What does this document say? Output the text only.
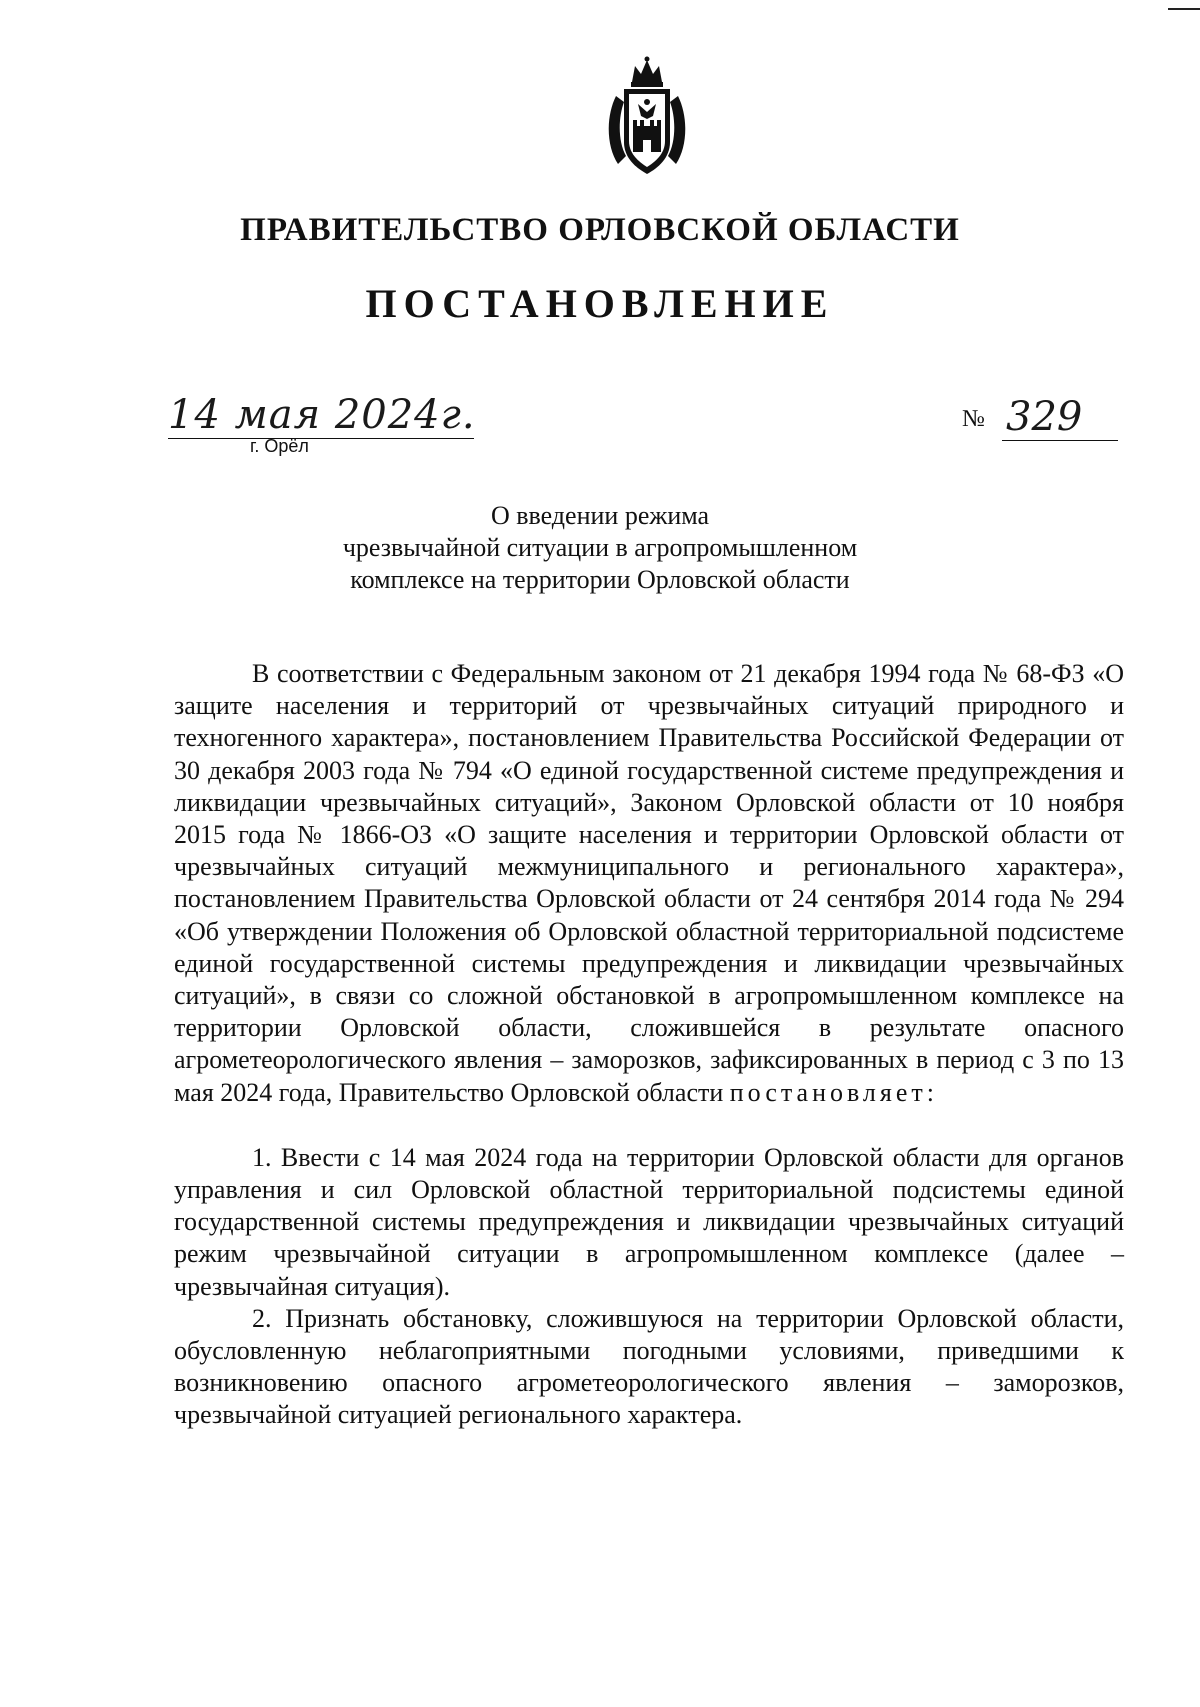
ПРАВИТЕЛЬСТВО ОРЛОВСКОЙ ОБЛАСТИ
ПОСТАНОВЛЕНИЕ
14 мая 2024г.
г. Орёл
№ 329
О введении режима
чрезвычайной ситуации в агропромышленном
комплексе на территории Орловской области

В соответствии с Федеральным законом от 21 декабря 1994 года № 68-ФЗ «О защите населения и территорий от чрезвычайных ситуаций природного и техногенного характера», постановлением Правительства Российской Федерации от 30 декабря 2003 года № 794 «О единой государственной системе предупреждения и ликвидации чрезвычайных ситуаций», Законом Орловской области от 10 ноября 2015 года № 1866-ОЗ «О защите населения и территории Орловской области от чрезвычайных ситуаций межмуниципального и регионального характера», постановлением Правительства Орловской области от 24 сентября 2014 года № 294 «Об утверждении Положения об Орловской областной территориальной подсистеме единой государственной системы предупреждения и ликвидации чрезвычайных ситуаций», в связи со сложной обстановкой в агропромышленном комплексе на территории Орловской области, сложившейся в результате опасного агрометеорологического явления – заморозков, зафиксированных в период с 3 по 13 мая 2024 года, Правительство Орловской области постановляет:

1. Ввести с 14 мая 2024 года на территории Орловской области для органов управления и сил Орловской областной территориальной подсистемы единой государственной системы предупреждения и ликвидации чрезвычайных ситуаций режим чрезвычайной ситуации в агропромышленном комплексе (далее – чрезвычайная ситуация).

2. Признать обстановку, сложившуюся на территории Орловской области, обусловленную неблагоприятными погодными условиями, приведшими к возникновению опасного агрометеорологического явления – заморозков, чрезвычайной ситуацией регионального характера.
